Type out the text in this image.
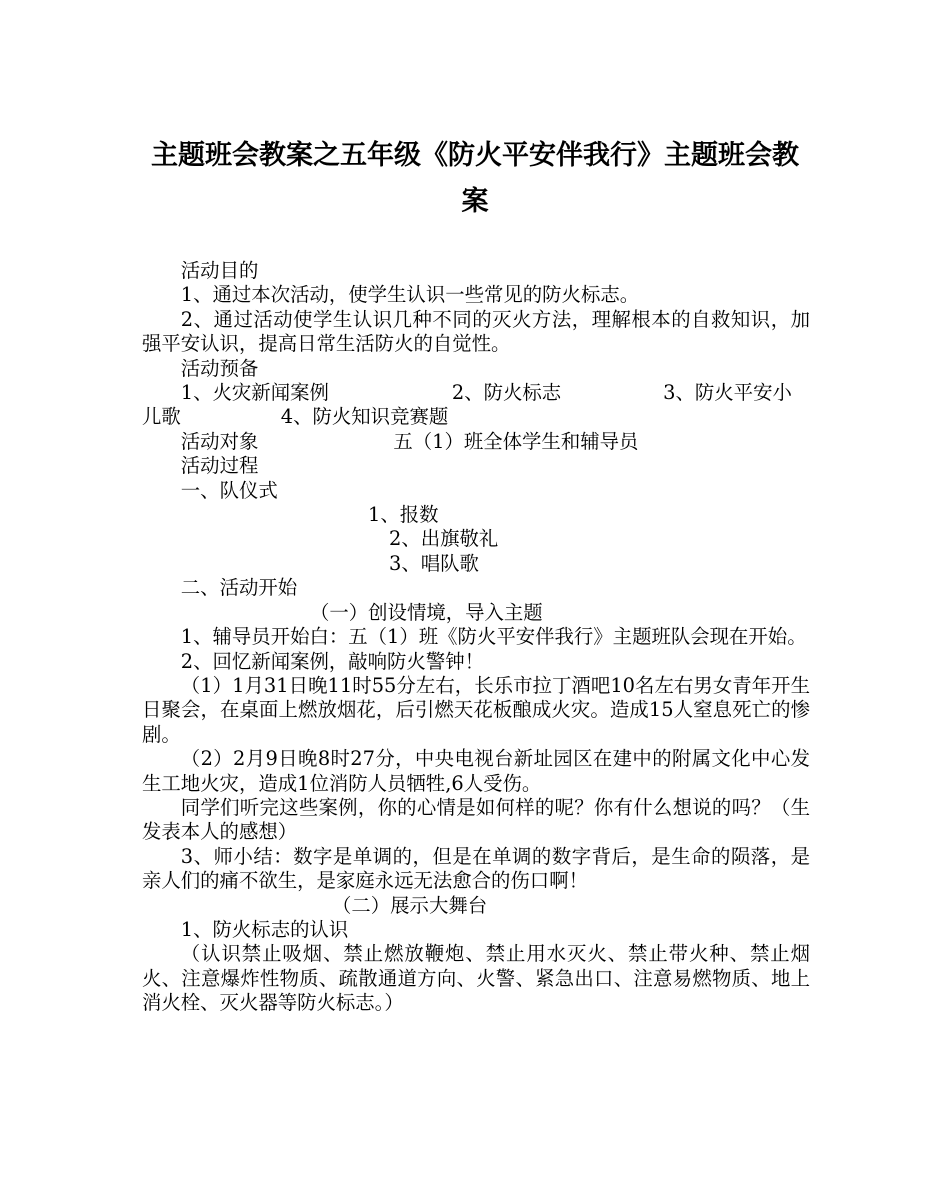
主题班会教案之五年级《防火平安伴我行》主题班会教案

活动目的

1、通过本次活动，使学生认识一些常见的防火标志。

2、通过活动使学生认识几种不同的灭火方法，理解根本的自救知识，加强平安认识，提高日常生活防火的自觉性。

活动预备

1、火灾新闻案例	2、防火标志	3、防火平安小儿歌	4、防火知识竞赛题

活动对象	五（1）班全体学生和辅导员

活动过程

一、队仪式

1、报数
2、出旗敬礼
3、唱队歌

二、活动开始

（一）创设情境，导入主题

1、辅导员开始白：五（1）班《防火平安伴我行》主题班队会现在开始。

2、回忆新闻案例，敲响防火警钟！

（1）1月31日晚11时55分左右，长乐市拉丁酒吧10名左右男女青年开生日聚会，在桌面上燃放烟花，后引燃天花板酿成火灾。造成15人窒息死亡的惨剧。

（2）2月9日晚8时27分，中央电视台新址园区在建中的附属文化中心发生工地火灾，造成1位消防人员牺牲,6人受伤。

同学们听完这些案例，你的心情是如何样的呢？你有什么想说的吗？（生发表本人的感想）

3、师小结：数字是单调的，但是在单调的数字背后，是生命的陨落，是亲人们的痛不欲生，是家庭永远无法愈合的伤口啊！

（二）展示大舞台

1、防火标志的认识

（认识禁止吸烟、禁止燃放鞭炮、禁止用水灭火、禁止带火种、禁止烟火、注意爆炸性物质、疏散通道方向、火警、紧急出口、注意易燃物质、地上消火栓、灭火器等防火标志。）
